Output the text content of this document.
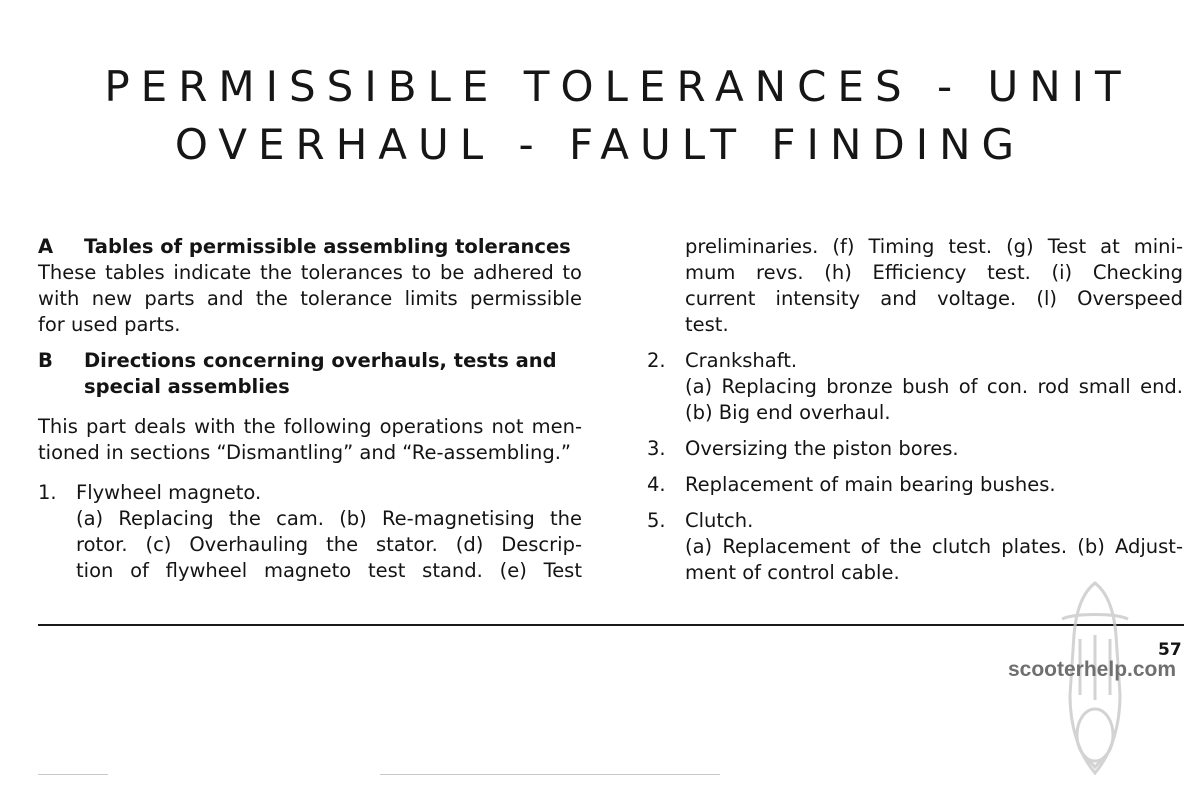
PERMISSIBLE TOLERANCES - UNIT
OVERHAUL - FAULT FINDING
A Tables of permissible assembling tolerances
These tables indicate the tolerances to be adhered to
with new parts and the tolerance limits permissible
for used parts.
B Directions concerning overhauls, tests and
special assemblies
This part deals with the following operations not men-
tioned in sections “Dismantling” and “Re-assembling.”
1. Flywheel magneto.
(a) Replacing the cam. (b) Re-magnetising the
rotor. (c) Overhauling the stator. (d) Descrip-
tion of flywheel magneto test stand. (e) Test
preliminaries. (f) Timing test. (g) Test at mini-
mum revs. (h) Efficiency test. (i) Checking
current intensity and voltage. (l) Overspeed
test.
2. Crankshaft.
(a) Replacing bronze bush of con. rod small end.
(b) Big end overhaul.
3. Oversizing the piston bores.
4. Replacement of main bearing bushes.
5. Clutch.
(a) Replacement of the clutch plates. (b) Adjust-
ment of control cable.
57
scooterhelp.com
